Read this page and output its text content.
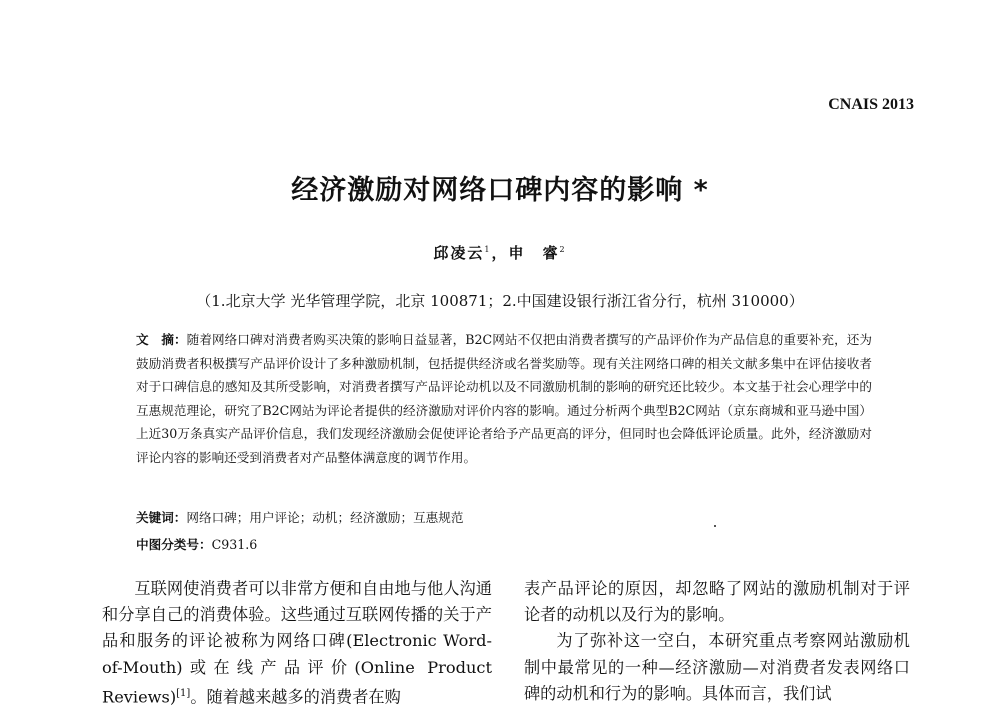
CNAIS 2013
经济激励对网络口碑内容的影响 *
邱凌云$^1$，申　睿$^2$
（1.北京大学 光华管理学院，北京 100871；2.中国建设银行浙江省分行，杭州 310000）
文　摘：随着网络口碑对消费者购买决策的影响日益显著，B2C网站不仅把由消费者撰写的产品评价作为产品信息的重要补充，还为鼓励消费者积极撰写产品评价设计了多种激励机制，包括提供经济或名誉奖励等。现有关注网络口碑的相关文献多集中在评估接收者对于口碑信息的感知及其所受影响，对消费者撰写产品评论动机以及不同激励机制的影响的研究还比较少。本文基于社会心理学中的互惠规范理论，研究了B2C网站为评论者提供的经济激励对评价内容的影响。通过分析两个典型B2C网站（京东商城和亚马逊中国）上近30万条真实产品评价信息，我们发现经济激励会促使评论者给予产品更高的评分，但同时也会降低评论质量。此外，经济激励对评论内容的影响还受到消费者对产品整体满意度的调节作用。
关键词：网络口碑；用户评论；动机；经济激励；互惠规范
中图分类号：C931.6

互联网使消费者可以非常方便和自由地与他人沟通和分享自己的消费体验。这些通过互联网传播的关于产品和服务的评论被称为网络口碑(Electronic Word-of-Mouth)或在线产品评价(Online Product Reviews)[1]。随着越来越多的消费者在购

表产品评论的原因，却忽略了网站的激励机制对于评论者的动机以及行为的影响。

为了弥补这一空白，本研究重点考察网站激励机制中最常见的一种—经济激励—对消费者发表网络口碑的动机和行为的影响。具体而言，我们试
